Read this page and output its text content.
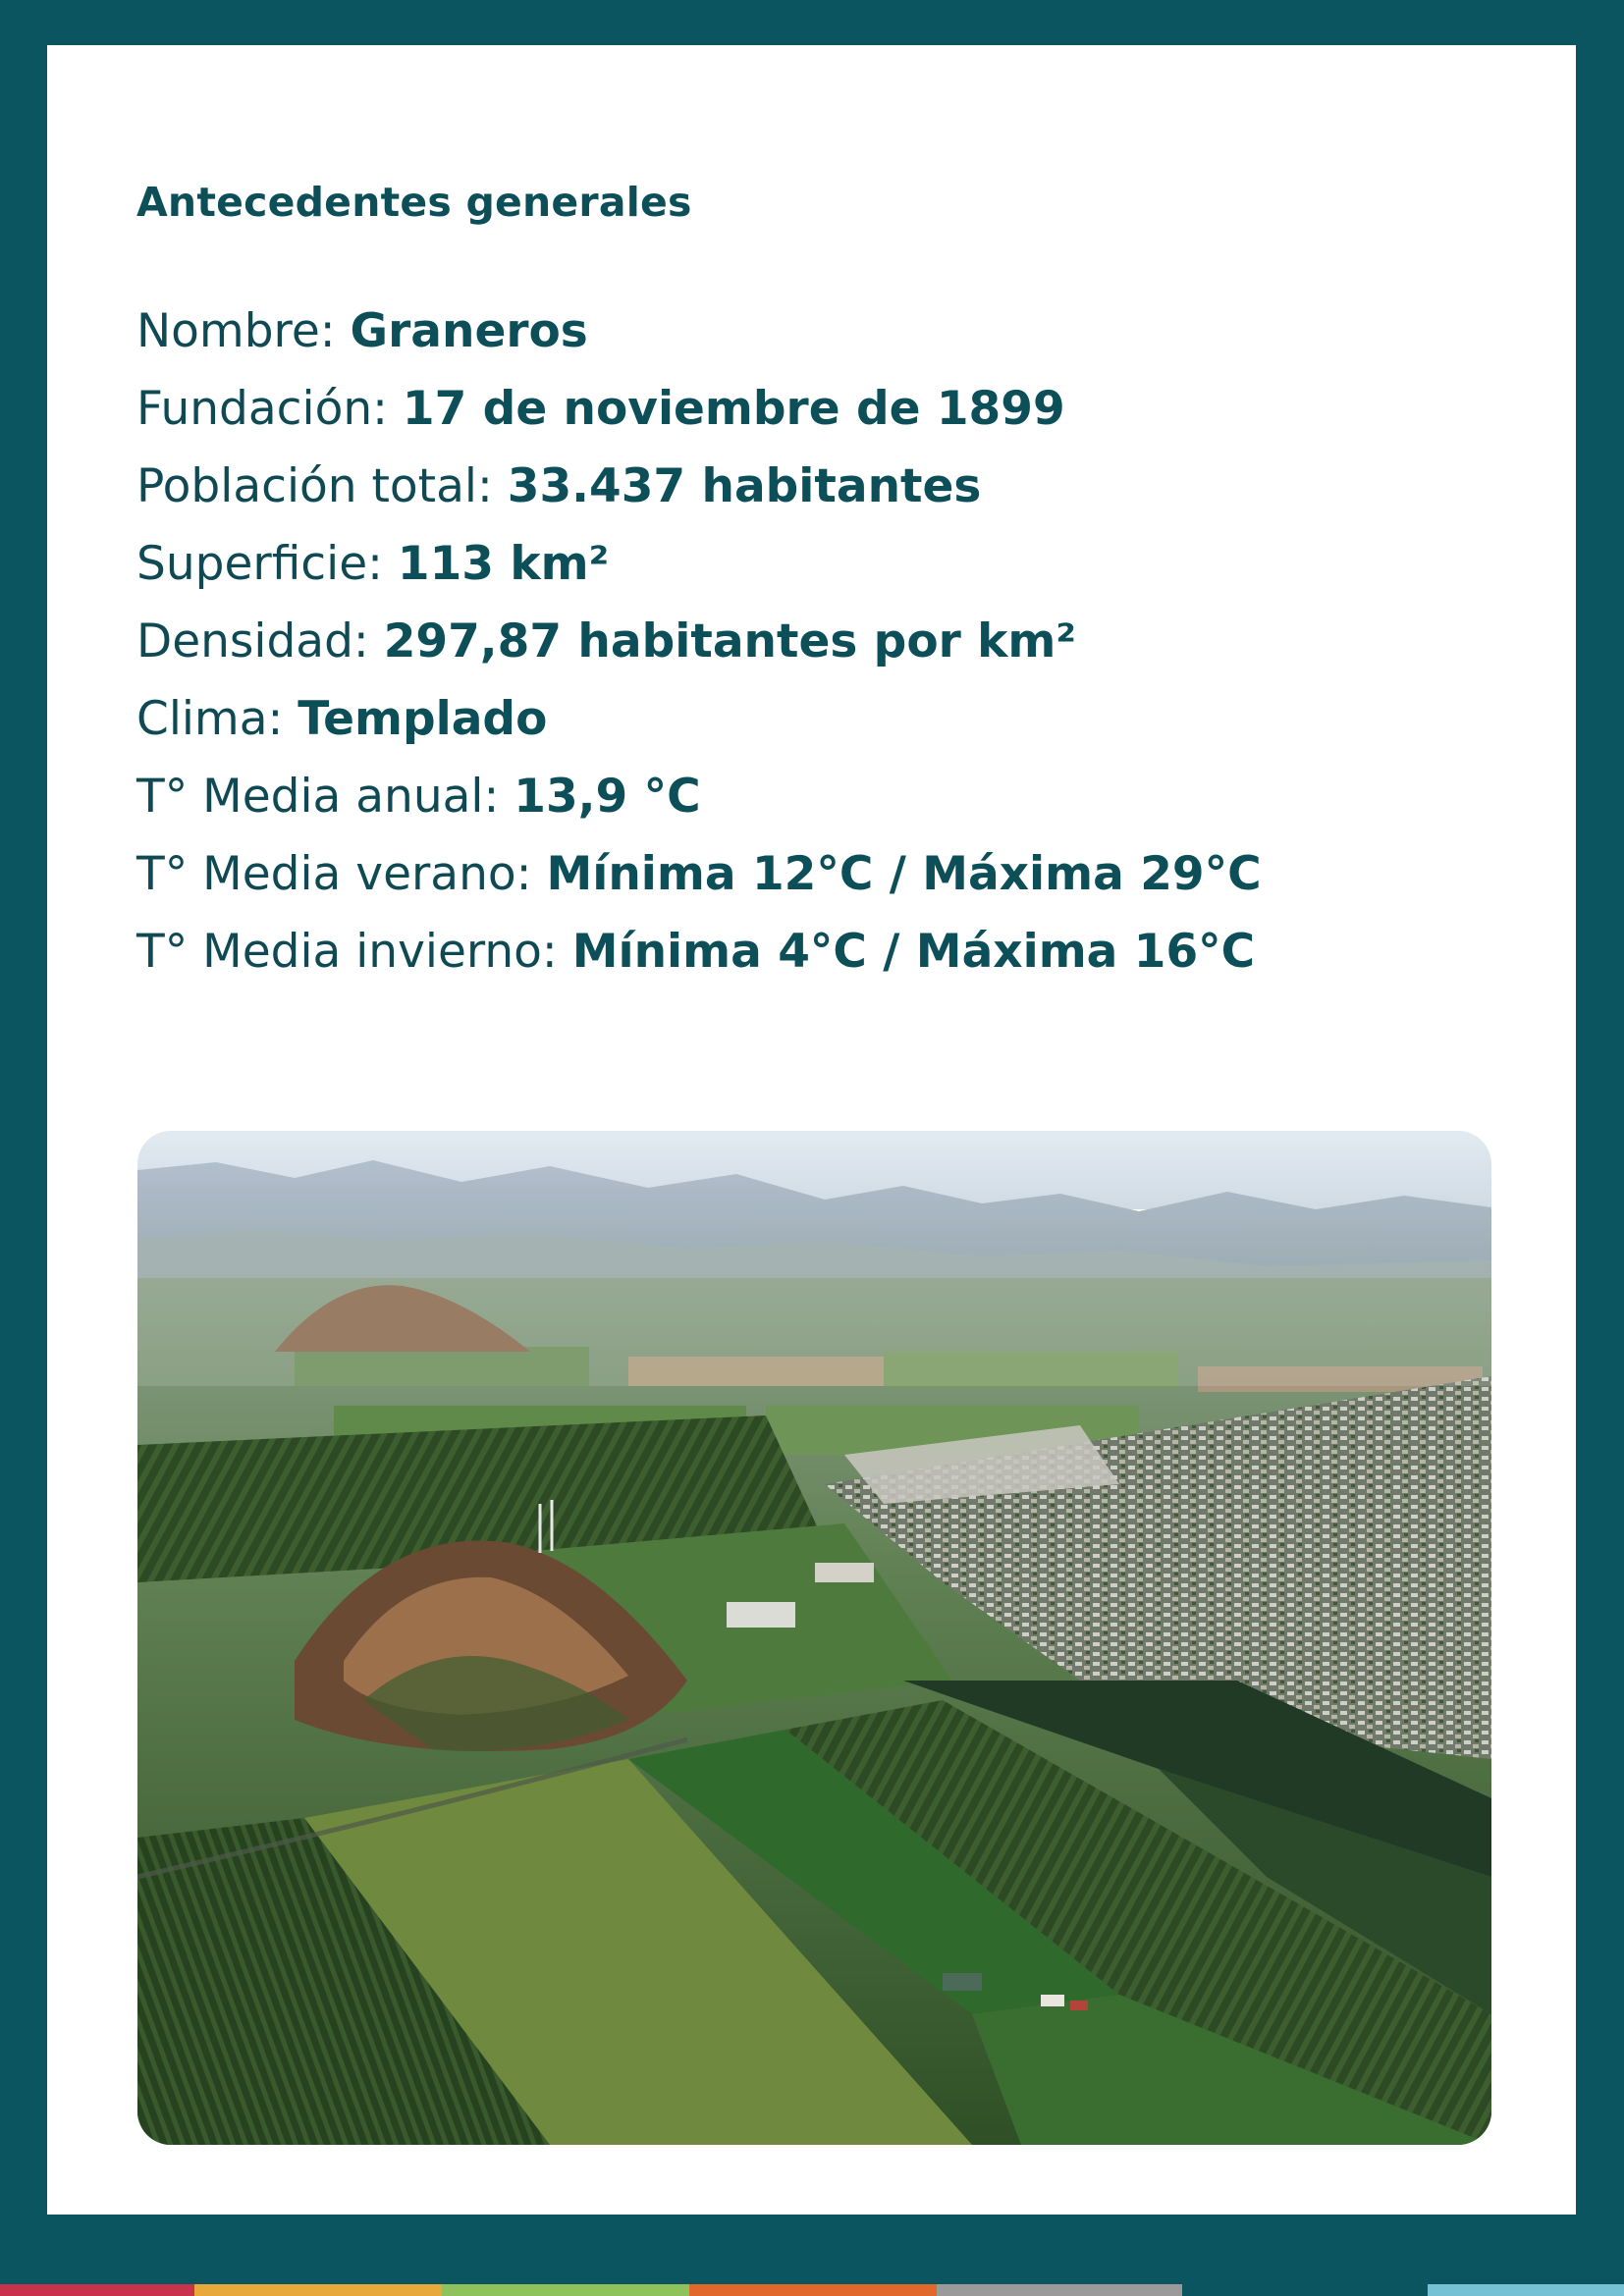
Antecedentes generales
Nombre: Graneros
Fundación: 17 de noviembre de 1899
Población total: 33.437 habitantes
Superficie: 113 km²
Densidad: 297,87 habitantes por km²
Clima: Templado
T° Media anual: 13,9 °C
T° Media verano: Mínima 12°C / Máxima 29°C
T° Media invierno: Mínima 4°C / Máxima 16°C
